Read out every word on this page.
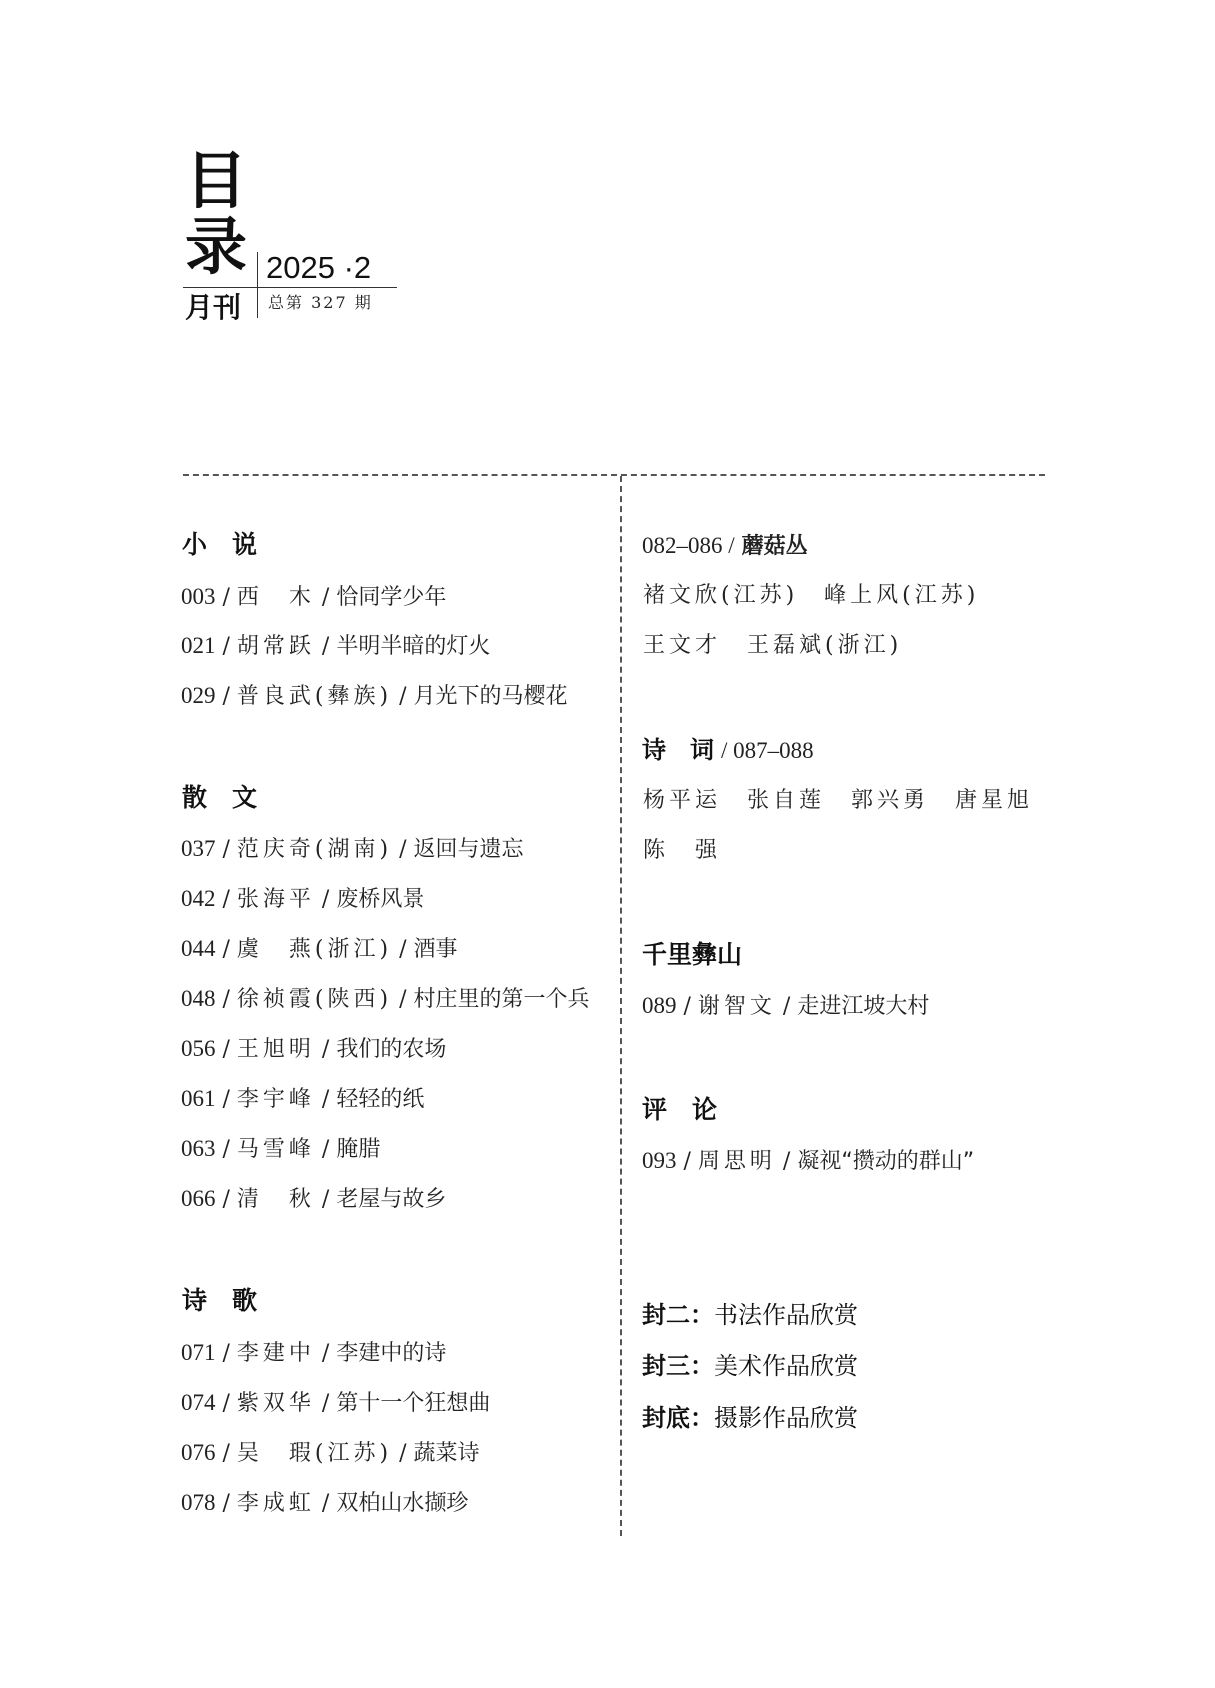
目
录
月刊
2025 ·2
总第 327 期
小　说
003 / 西　木 / 恰同学少年
021 / 胡常跃 / 半明半暗的灯火
029 / 普良武(彝族) / 月光下的马樱花
散　文
037 / 范庆奇(湖南) / 返回与遗忘
042 / 张海平 / 废桥风景
044 / 虞　燕(浙江) / 酒事
048 / 徐祯霞(陕西) / 村庄里的第一个兵
056 / 王旭明 / 我们的农场
061 / 李宇峰 / 轻轻的纸
063 / 马雪峰 / 腌腊
066 / 清　秋 / 老屋与故乡
诗　歌
071 / 李建中 / 李建中的诗
074 / 紫双华 / 第十一个狂想曲
076 / 吴　瑕(江苏) / 蔬菜诗
078 / 李成虹 / 双柏山水撷珍
082–086 / 蘑菇丛
褚文欣(江苏)　峰上风(江苏)
王文才　王磊斌(浙江)
诗　词 / 087–088
杨平运　张自莲　郭兴勇　唐星旭
陈　强
千里彝山
089 / 谢智文 / 走进江坡大村
评　论
093 / 周思明 / 凝视“攒动的群山”
封二：书法作品欣赏
封三：美术作品欣赏
封底：摄影作品欣赏
